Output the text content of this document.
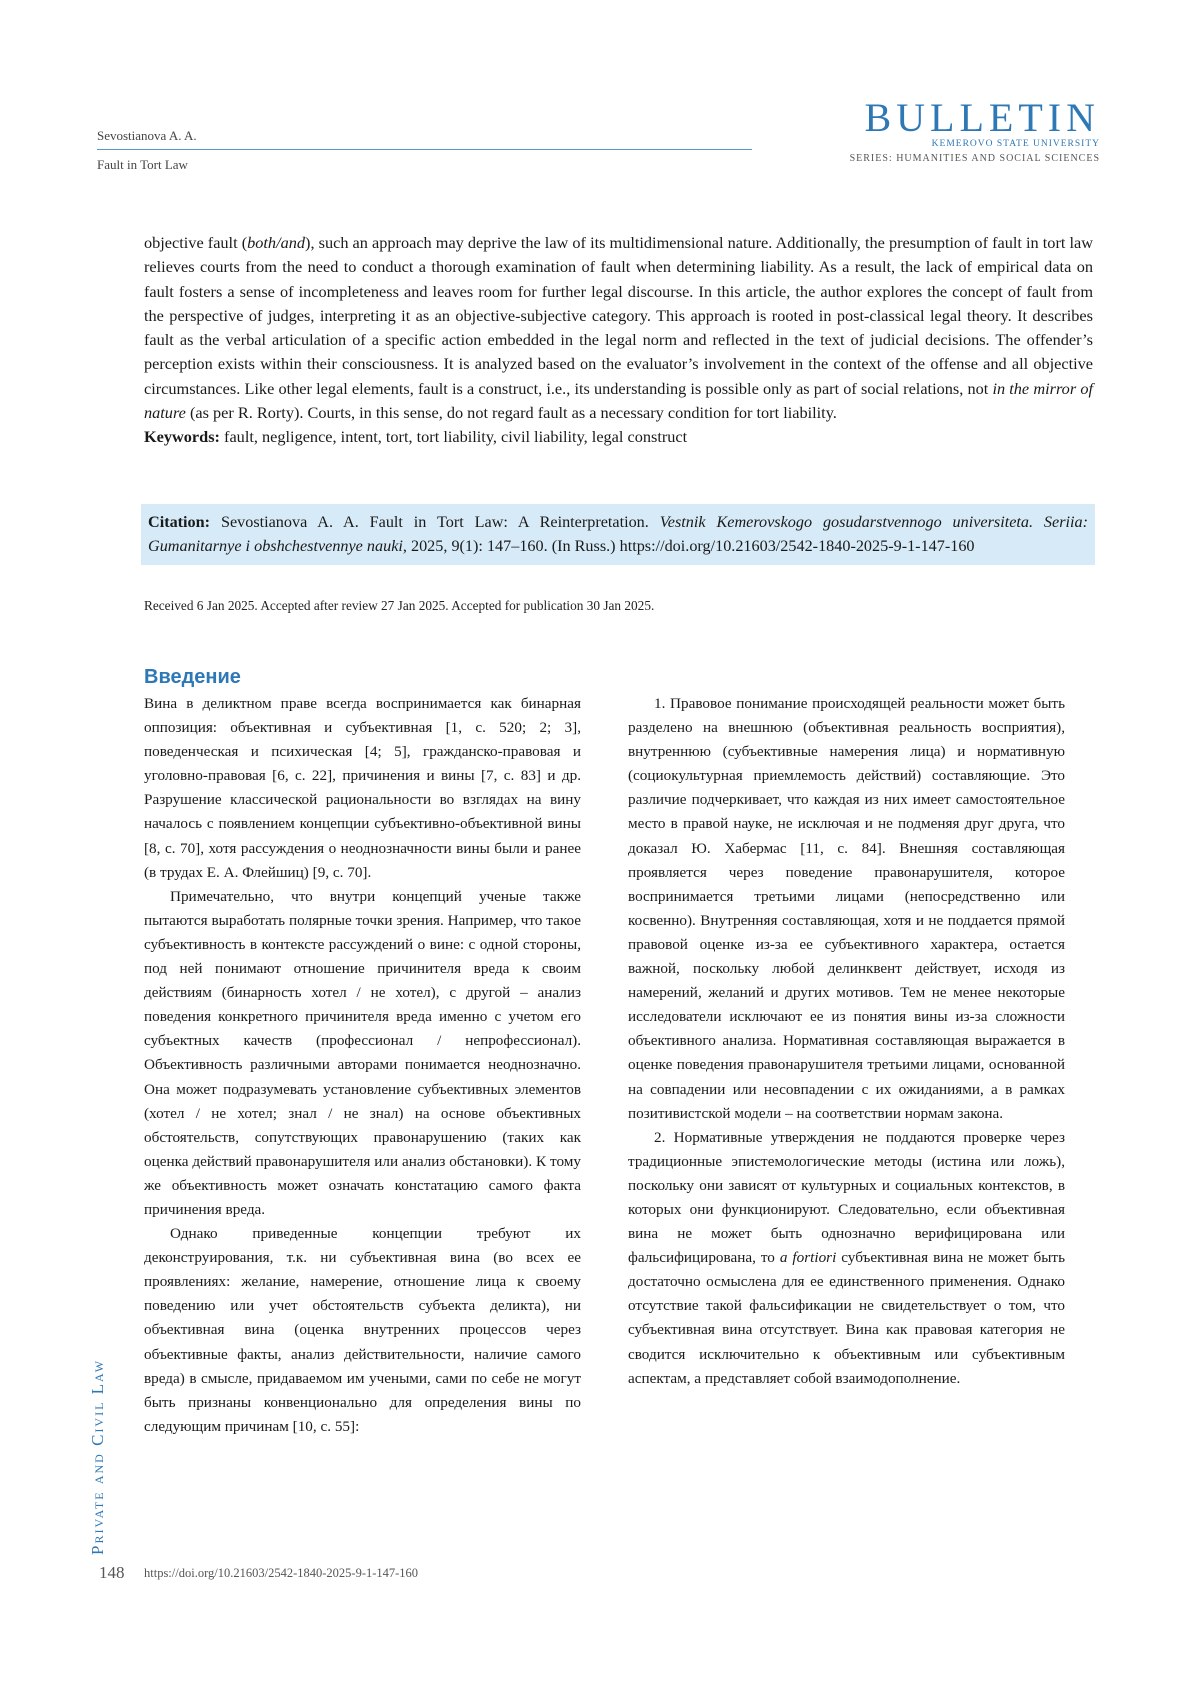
Sevostianova A. A.
Fault in Tort Law
BULLETIN
KEMEROVO STATE UNIVERSITY
SERIES: HUMANITIES AND SOCIAL SCIENCES

objective fault (both/and), such an approach may deprive the law of its multidimensional nature. Additionally, the presumption of fault in tort law relieves courts from the need to conduct a thorough examination of fault when determining liability. As a result, the lack of empirical data on fault fosters a sense of incompleteness and leaves room for further legal discourse. In this article, the author explores the concept of fault from the perspective of judges, interpreting it as an objective-subjective category. This approach is rooted in post-classical legal theory. It describes fault as the verbal articulation of a specific action embedded in the legal norm and reflected in the text of judicial decisions. The offender’s perception exists within their consciousness. It is analyzed based on the evaluator’s involvement in the context of the offense and all objective circumstances. Like other legal elements, fault is a construct, i.e., its understanding is possible only as part of social relations, not in the mirror of nature (as per R. Rorty). Courts, in this sense, do not regard fault as a necessary condition for tort liability.

Keywords: fault, negligence, intent, tort, tort liability, civil liability, legal construct

Citation: Sevostianova A. A. Fault in Tort Law: A Reinterpretation. Vestnik Kemerovskogo gosudarstvennogo universiteta. Seriia: Gumanitarnye i obshchestvennye nauki, 2025, 9(1): 147–160. (In Russ.) https://doi.org/10.21603/2542-1840-2025-9-1-147-160
Received 6 Jan 2025. Accepted after review 27 Jan 2025. Accepted for publication 30 Jan 2025.
Введение

Вина в деликтном праве всегда воспринимается как бинарная оппозиция: объективная и субъективная [1, с. 520; 2; 3], поведенческая и психическая [4; 5], гражданско-правовая и уголовно-правовая [6, с. 22], причинения и вины [7, с. 83] и др. Разрушение классической рациональности во взглядах на вину началось с появлением концепции субъективно-объективной вины [8, с. 70], хотя рассуждения о неоднозначности вины были и ранее (в трудах Е. А. Флейшиц) [9, с. 70].

Примечательно, что внутри концепций ученые также пытаются выработать полярные точки зрения. Например, что такое субъективность в контексте рассуждений о вине: с одной стороны, под ней понимают отношение причинителя вреда к своим действиям (бинарность хотел / не хотел), с другой – анализ поведения конкретного причинителя вреда именно с учетом его субъектных качеств (профессионал / непрофессионал). Объективность различными авторами понимается неоднозначно. Она может подразумевать установление субъективных элементов (хотел / не хотел; знал / не знал) на основе объективных обстоятельств, сопутствующих правонарушению (таких как оценка действий правонарушителя или анализ обстановки). К тому же объективность может означать констатацию самого факта причинения вреда.

Однако приведенные концепции требуют их деконструирования, т.к. ни субъективная вина (во всех ее проявлениях: желание, намерение, отношение лица к своему поведению или учет обстоятельств субъекта деликта), ни объективная вина (оценка внутренних процессов через объективные факты, анализ действительности, наличие самого вреда) в смысле, придаваемом им учеными, сами по себе не могут быть признаны конвенционально для определения вины по следующим причинам [10, с. 55]:

1. Правовое понимание происходящей реальности может быть разделено на внешнюю (объективная реальность восприятия), внутреннюю (субъективные намерения лица) и нормативную (социокультурная приемлемость действий) составляющие. Это различие подчеркивает, что каждая из них имеет самостоятельное место в правой науке, не исключая и не подменяя друг друга, что доказал Ю. Хабермас [11, с. 84]. Внешняя составляющая проявляется через поведение правонарушителя, которое воспринимается третьими лицами (непосредственно или косвенно). Внутренняя составляющая, хотя и не поддается прямой правовой оценке из-за ее субъективного характера, остается важной, поскольку любой делинквент действует, исходя из намерений, желаний и других мотивов. Тем не менее некоторые исследователи исключают ее из понятия вины из-за сложности объективного анализа. Нормативная составляющая выражается в оценке поведения правонарушителя третьими лицами, основанной на совпадении или несовпадении с их ожиданиями, а в рамках позитивистской модели – на соответствии нормам закона.

2. Нормативные утверждения не поддаются проверке через традиционные эпистемологические методы (истина или ложь), поскольку они зависят от культурных и социальных контекстов, в которых они функционируют. Следовательно, если объективная вина не может быть однозначно верифицирована или фальсифицирована, то a fortiori субъективная вина не может быть достаточно осмыслена для ее единственного применения. Однако отсутствие такой фальсификации не свидетельствует о том, что субъективная вина отсутствует. Вина как правовая категория не сводится исключительно к объективным или субъективным аспектам, а представляет собой взаимодополнение.

Private and Civil Law
148 https://doi.org/10.21603/2542-1840-2025-9-1-147-160
